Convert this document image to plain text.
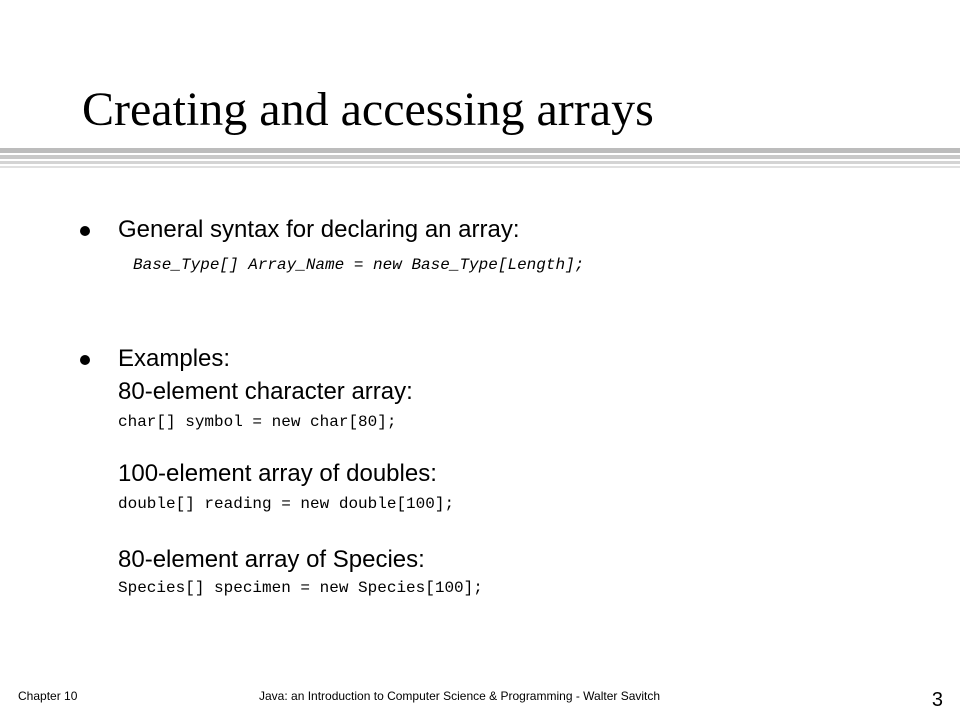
Creating and accessing arrays
General syntax for declaring an array:
Base_Type[] Array_Name = new Base_Type[Length];
Examples:
80-element character array:
char[] symbol = new char[80];
100-element array of doubles:
double[] reading = new double[100];
80-element array of Species:
Species[] specimen = new Species[100];
Chapter 10	Java: an Introduction to Computer Science & Programming - Walter Savitch	3
